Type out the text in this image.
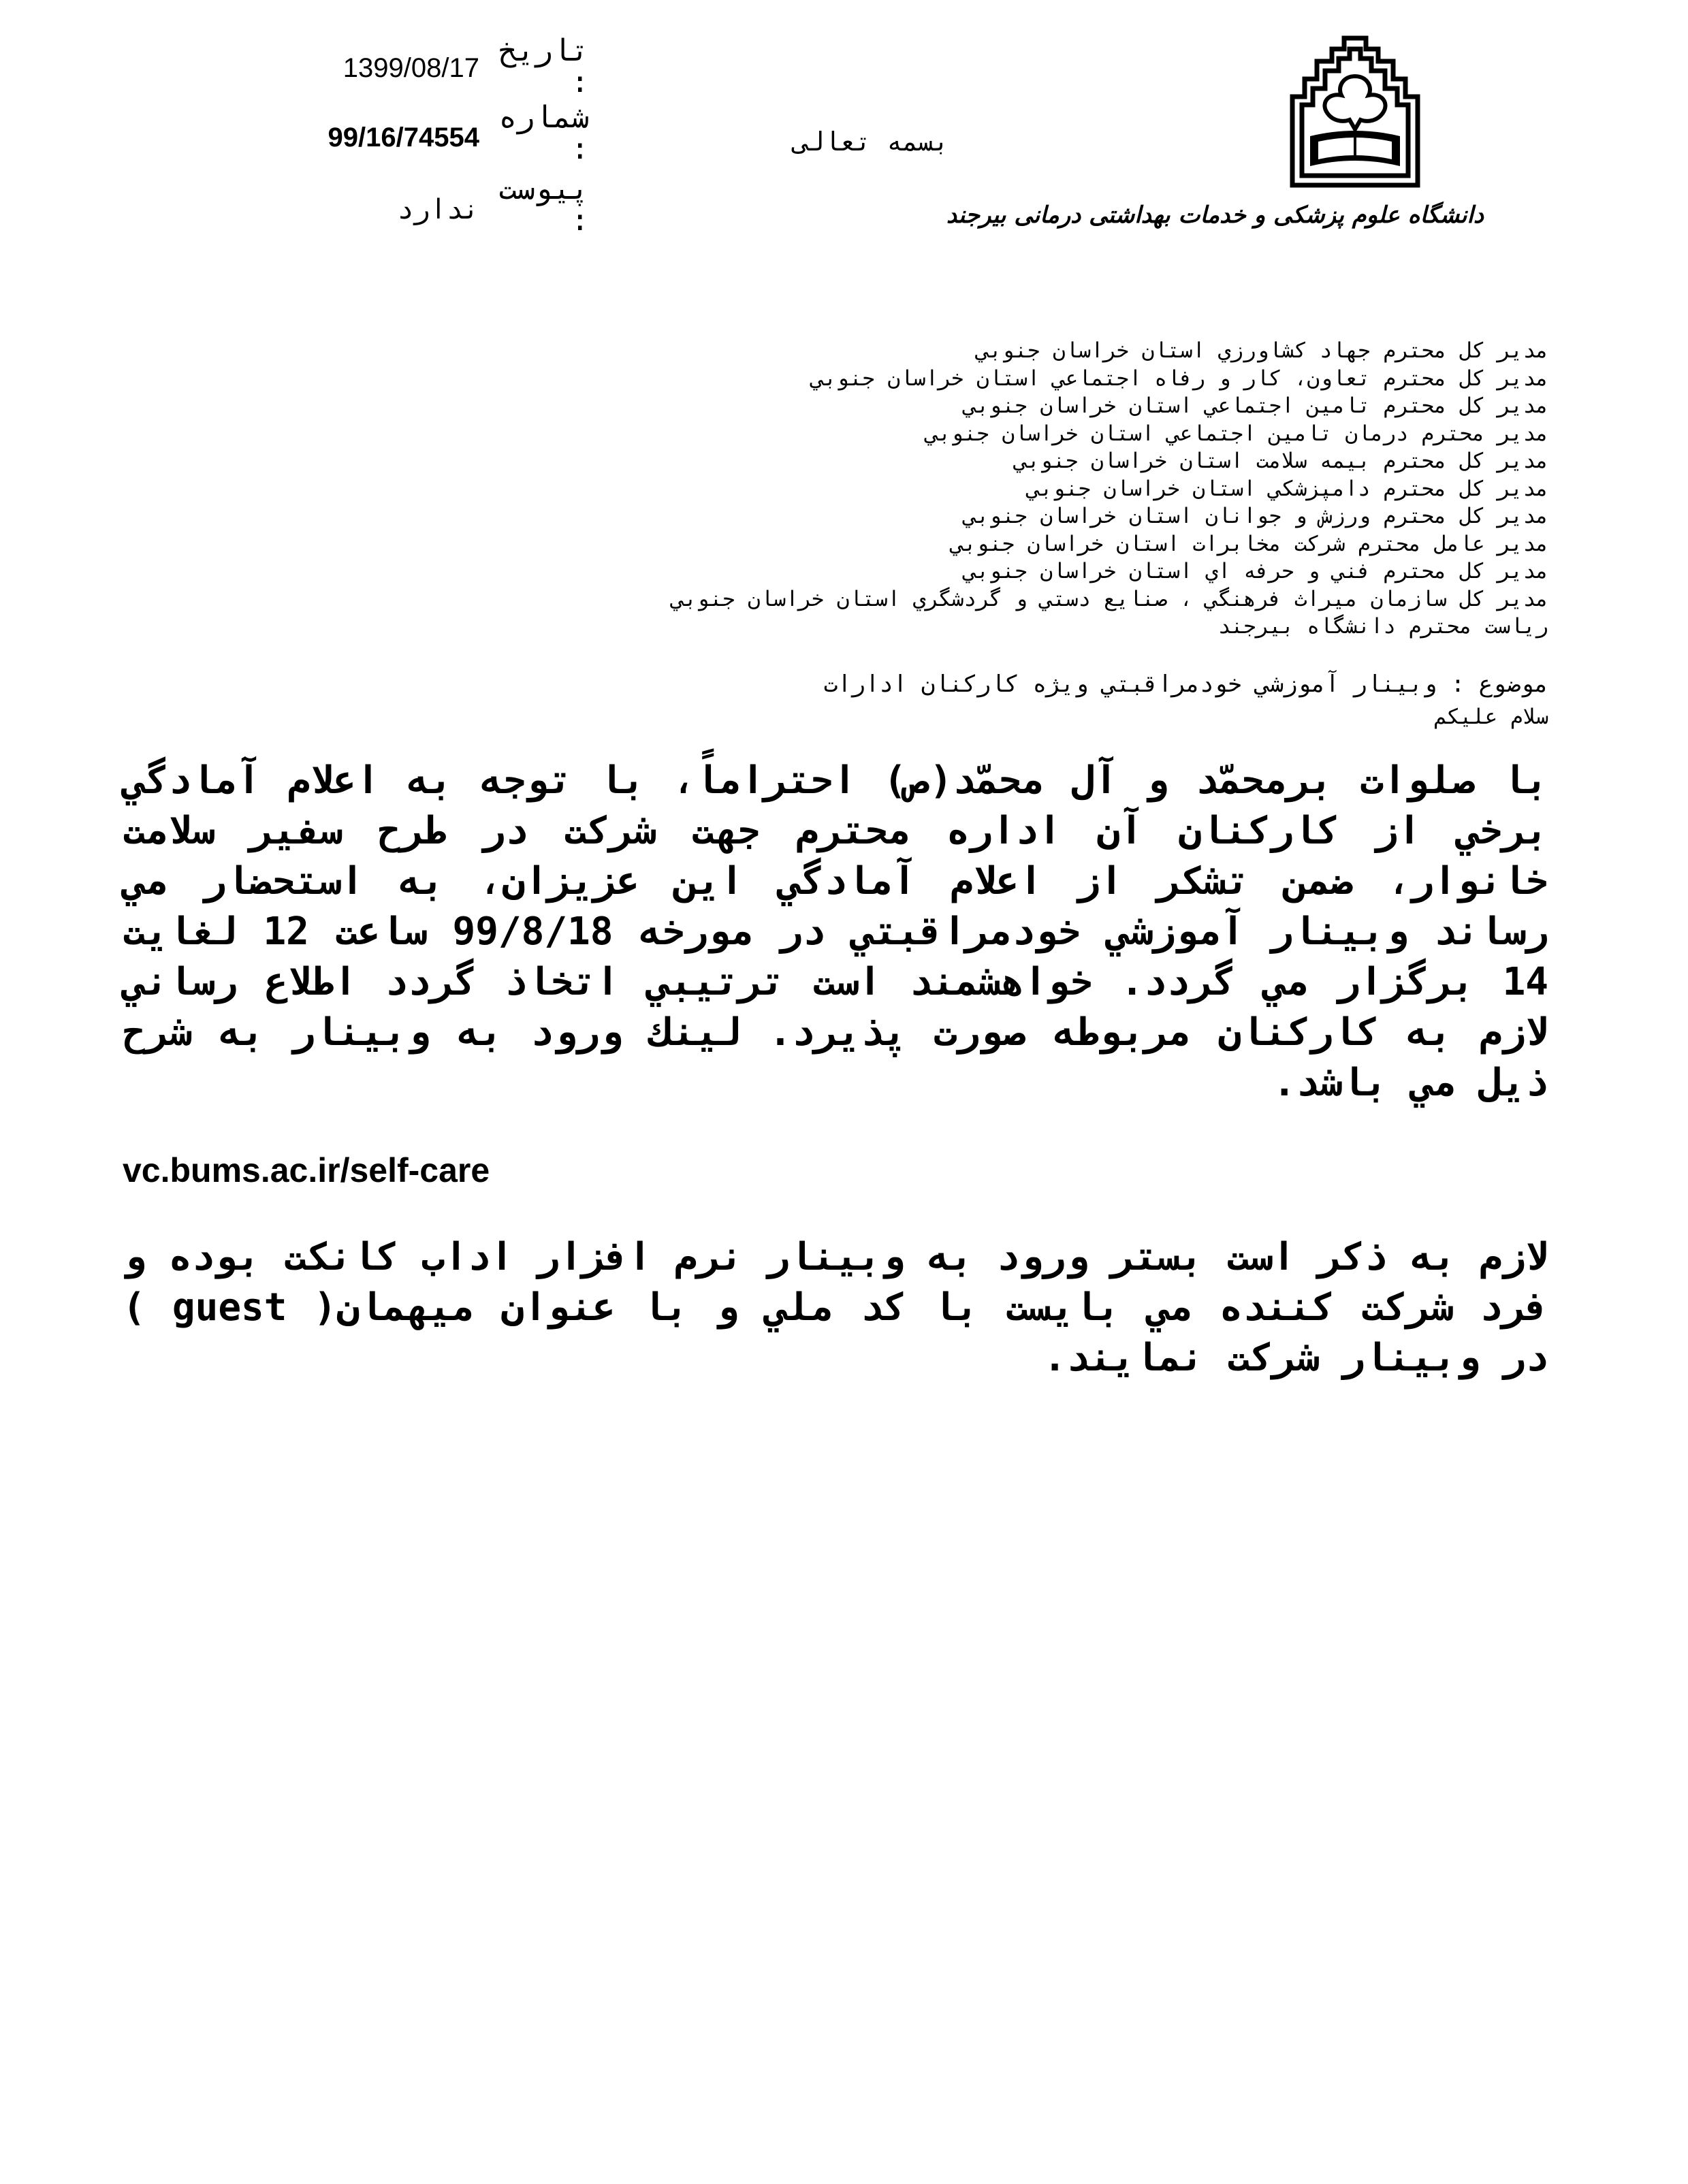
تاریخ :
1399/08/17
شماره :
99/16/74554
پیوست :
ندارد
بسمه تعالی
دانشگاه علوم پزشکی و خدمات بهداشتی درمانی بیرجند
مدير كل محترم جهاد كشاورزي استان خراسان جنوبي
مدير كل محترم تعاون، كار و رفاه اجتماعي استان خراسان جنوبي
مدير كل محترم تامين اجتماعي استان خراسان جنوبي
مدير محترم درمان تامين اجتماعي استان خراسان جنوبي
مدير كل محترم بيمه سلامت استان خراسان جنوبي
مدير كل محترم دامپزشكي استان خراسان جنوبي
مدير كل محترم ورزش و جوانان استان خراسان جنوبي
مدير عامل محترم شركت مخابرات استان خراسان جنوبي
مدير كل محترم فني و حرفه اي استان خراسان جنوبي
مدير كل سازمان ميراث فرهنگي ، صنايع دستي و گردشگري استان خراسان جنوبي
رياست محترم دانشگاه بيرجند
موضوع : وبينار آموزشي خودمراقبتي ويژه كاركنان ادارات
سلام عليكم

با صلوات برمحمّد و آل محمّد(ص) احتراماً، با توجه به اعلام آمادگي برخي از كاركنان آن اداره محترم جهت شركت در طرح سفير سلامت خانوار، ضمن تشكر از اعلام آمادگي اين عزيزان، به استحضار مي رساند وبينار آموزشي خودمراقبتي در مورخه 99/8/18 ساعت 12 لغايت 14 برگزار مي گردد. خواهشمند است ترتيبي اتخاذ گردد اطلاع رساني لازم به كاركنان مربوطه صورت پذيرد. لينك ورود به وبينار به شرح ذيل مي باشد.

vc.bums.ac.ir/self-care

لازم به ذكر است بستر ورود به وبينار نرم افزار اداب كانكت بوده و فرد شركت كننده مي بايست با كد ملي و با عنوان ميهمان( guest ) در وبينار شركت نمايند.
